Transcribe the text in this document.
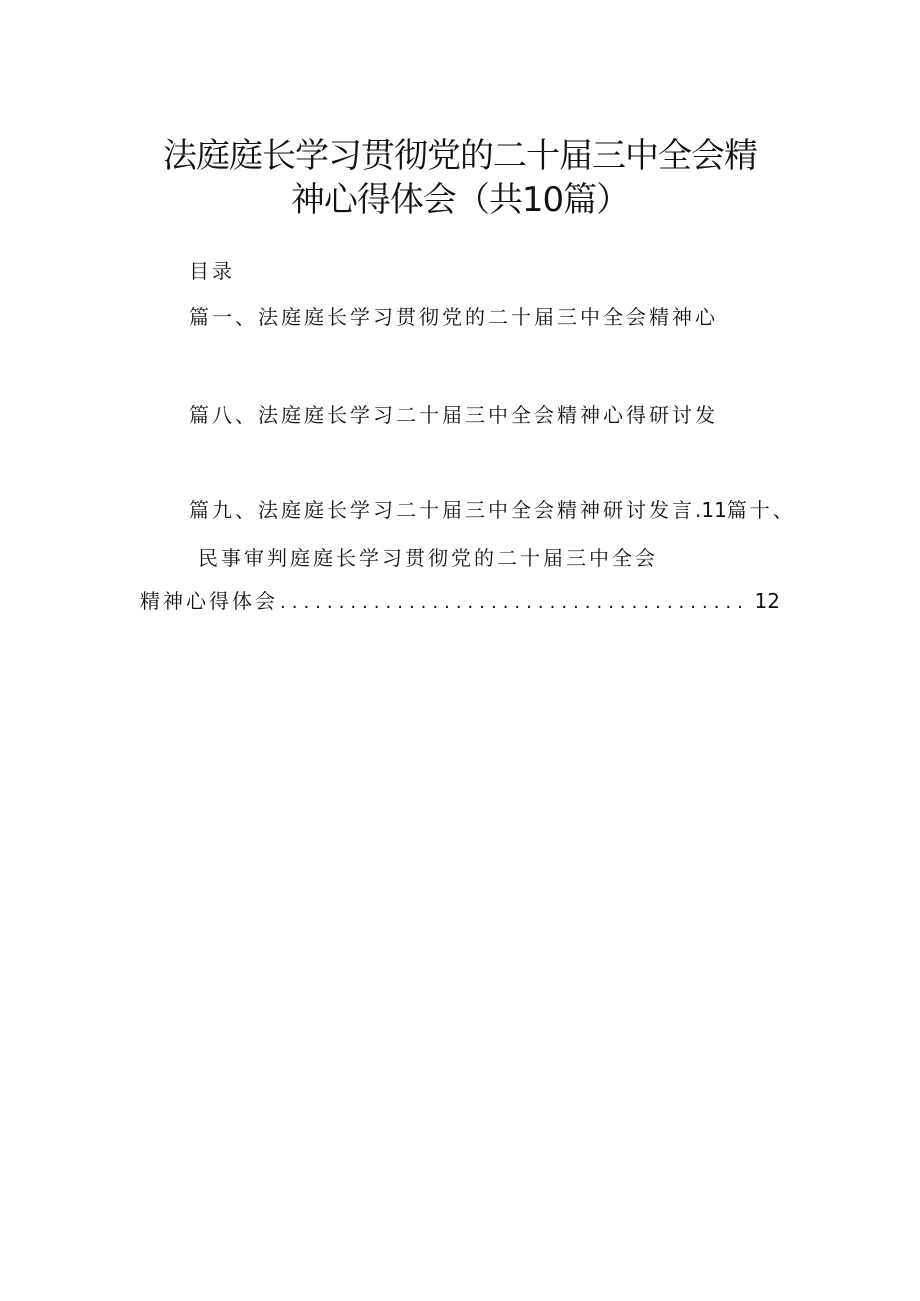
法庭庭长学习贯彻党的二十届三中全会精
神心得体会（共10篇）

目录

篇一、法庭庭长学习贯彻党的二十届三中全会精神心

篇八、法庭庭长学习二十届三中全会精神心得研讨发

篇九、法庭庭长学习二十届三中全会精神研讨发言.11篇十、

民事审判庭庭长学习贯彻党的二十届三中全会

精神心得体会 ........................................ 12
